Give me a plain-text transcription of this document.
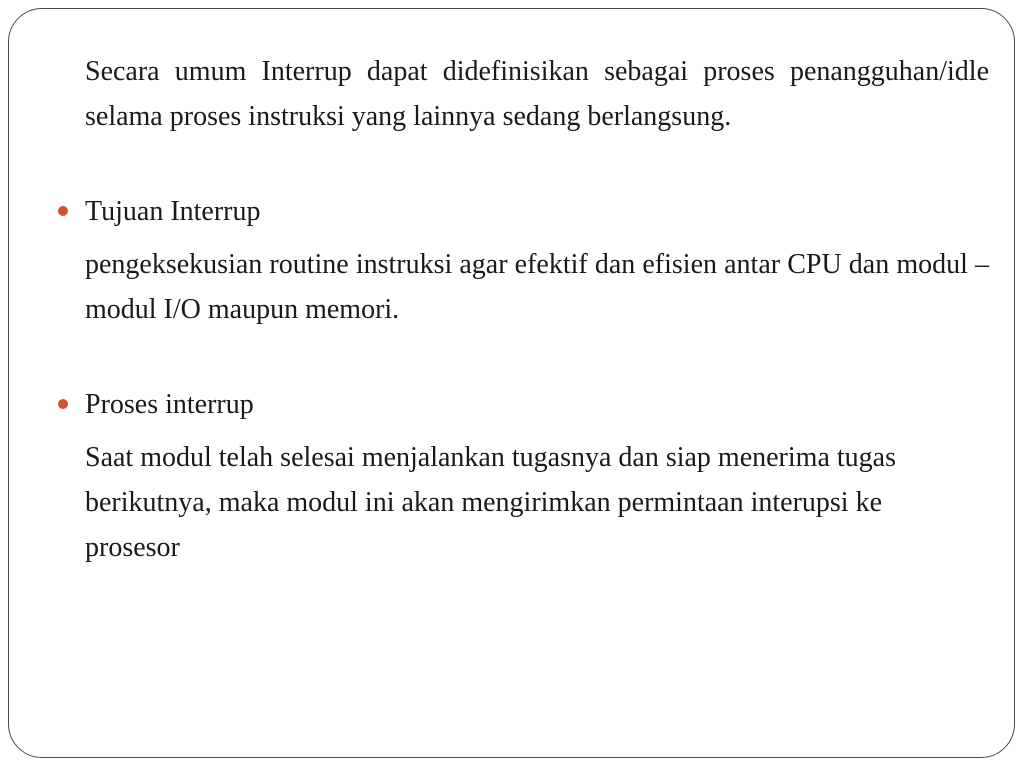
Secara umum Interrup dapat didefinisikan sebagai proses penangguhan/idle selama proses instruksi yang lainnya sedang berlangsung.

Tujuan Interrup

pengeksekusian routine instruksi agar efektif dan efisien antar CPU dan modul – modul I/O maupun memori.

Proses interrup

Saat modul telah selesai menjalankan tugasnya dan siap menerima tugas berikutnya, maka modul ini akan mengirimkan permintaan interupsi ke prosesor
